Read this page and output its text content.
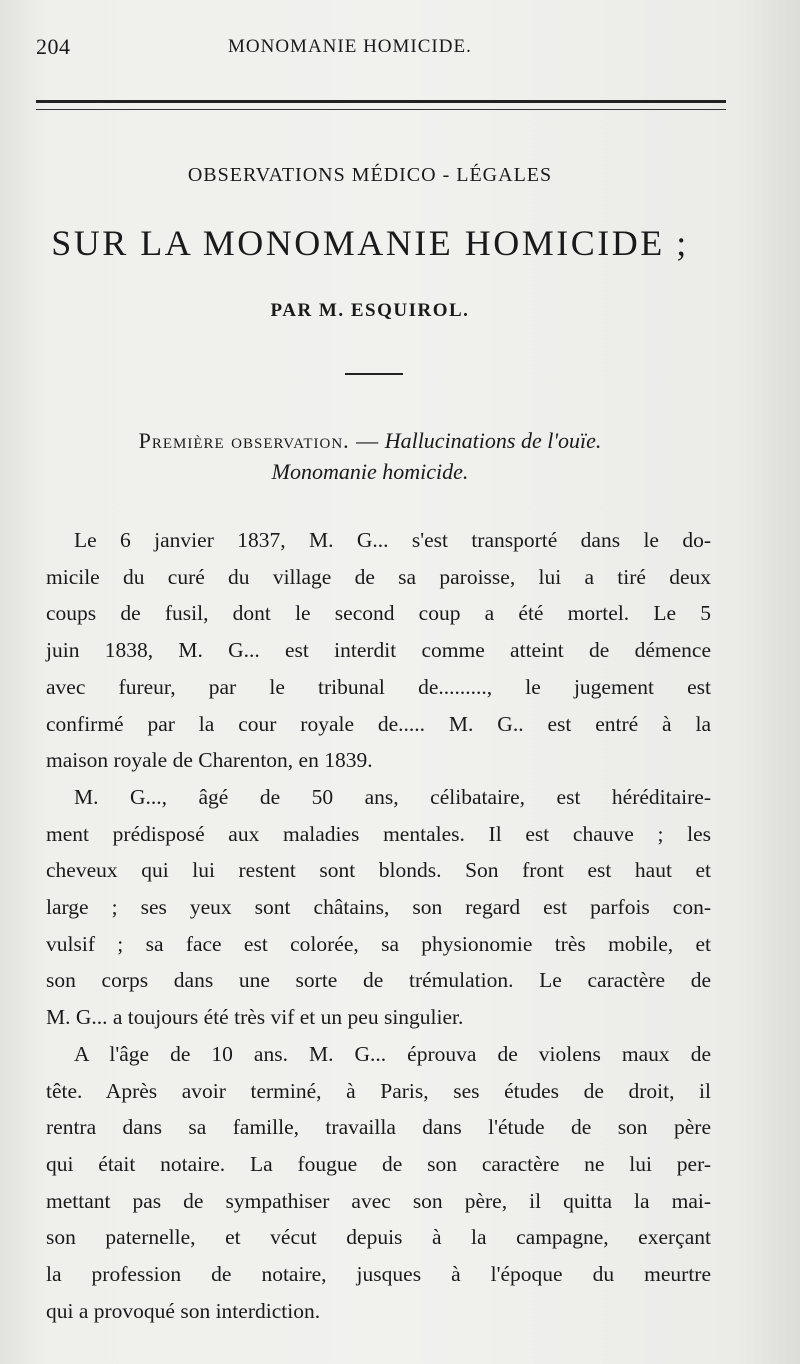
204	MONOMANIE HOMICIDE.
OBSERVATIONS MÉDICO - LÉGALES
SUR LA MONOMANIE HOMICIDE ;
PAR M. ESQUIROL.
Première observation. — Hallucinations de l'ouïe.
Monomanie homicide.

Le 6 janvier 1837, M. G... s'est transporté dans le do-
micile du curé du village de sa paroisse, lui a tiré deux
coups de fusil, dont le second coup a été mortel. Le 5
juin 1838, M. G... est interdit comme atteint de démence
avec fureur, par le tribunal de........., le jugement est
confirmé par la cour royale de..... M. G.. est entré à la
maison royale de Charenton, en 1839.

M. G..., âgé de 50 ans, célibataire, est héréditaire-
ment prédisposé aux maladies mentales. Il est chauve ; les
cheveux qui lui restent sont blonds. Son front est haut et
large ; ses yeux sont châtains, son regard est parfois con-
vulsif ; sa face est colorée, sa physionomie très mobile, et
son corps dans une sorte de trémulation. Le caractère de
M. G... a toujours été très vif et un peu singulier.

A l'âge de 10 ans. M. G... éprouva de violens maux de
tête. Après avoir terminé, à Paris, ses études de droit, il
rentra dans sa famille, travailla dans l'étude de son père
qui était notaire. La fougue de son caractère ne lui per-
mettant pas de sympathiser avec son père, il quitta la mai-
son paternelle, et vécut depuis à la campagne, exerçant
la profession de notaire, jusques à l'époque du meurtre
qui a provoqué son interdiction.
